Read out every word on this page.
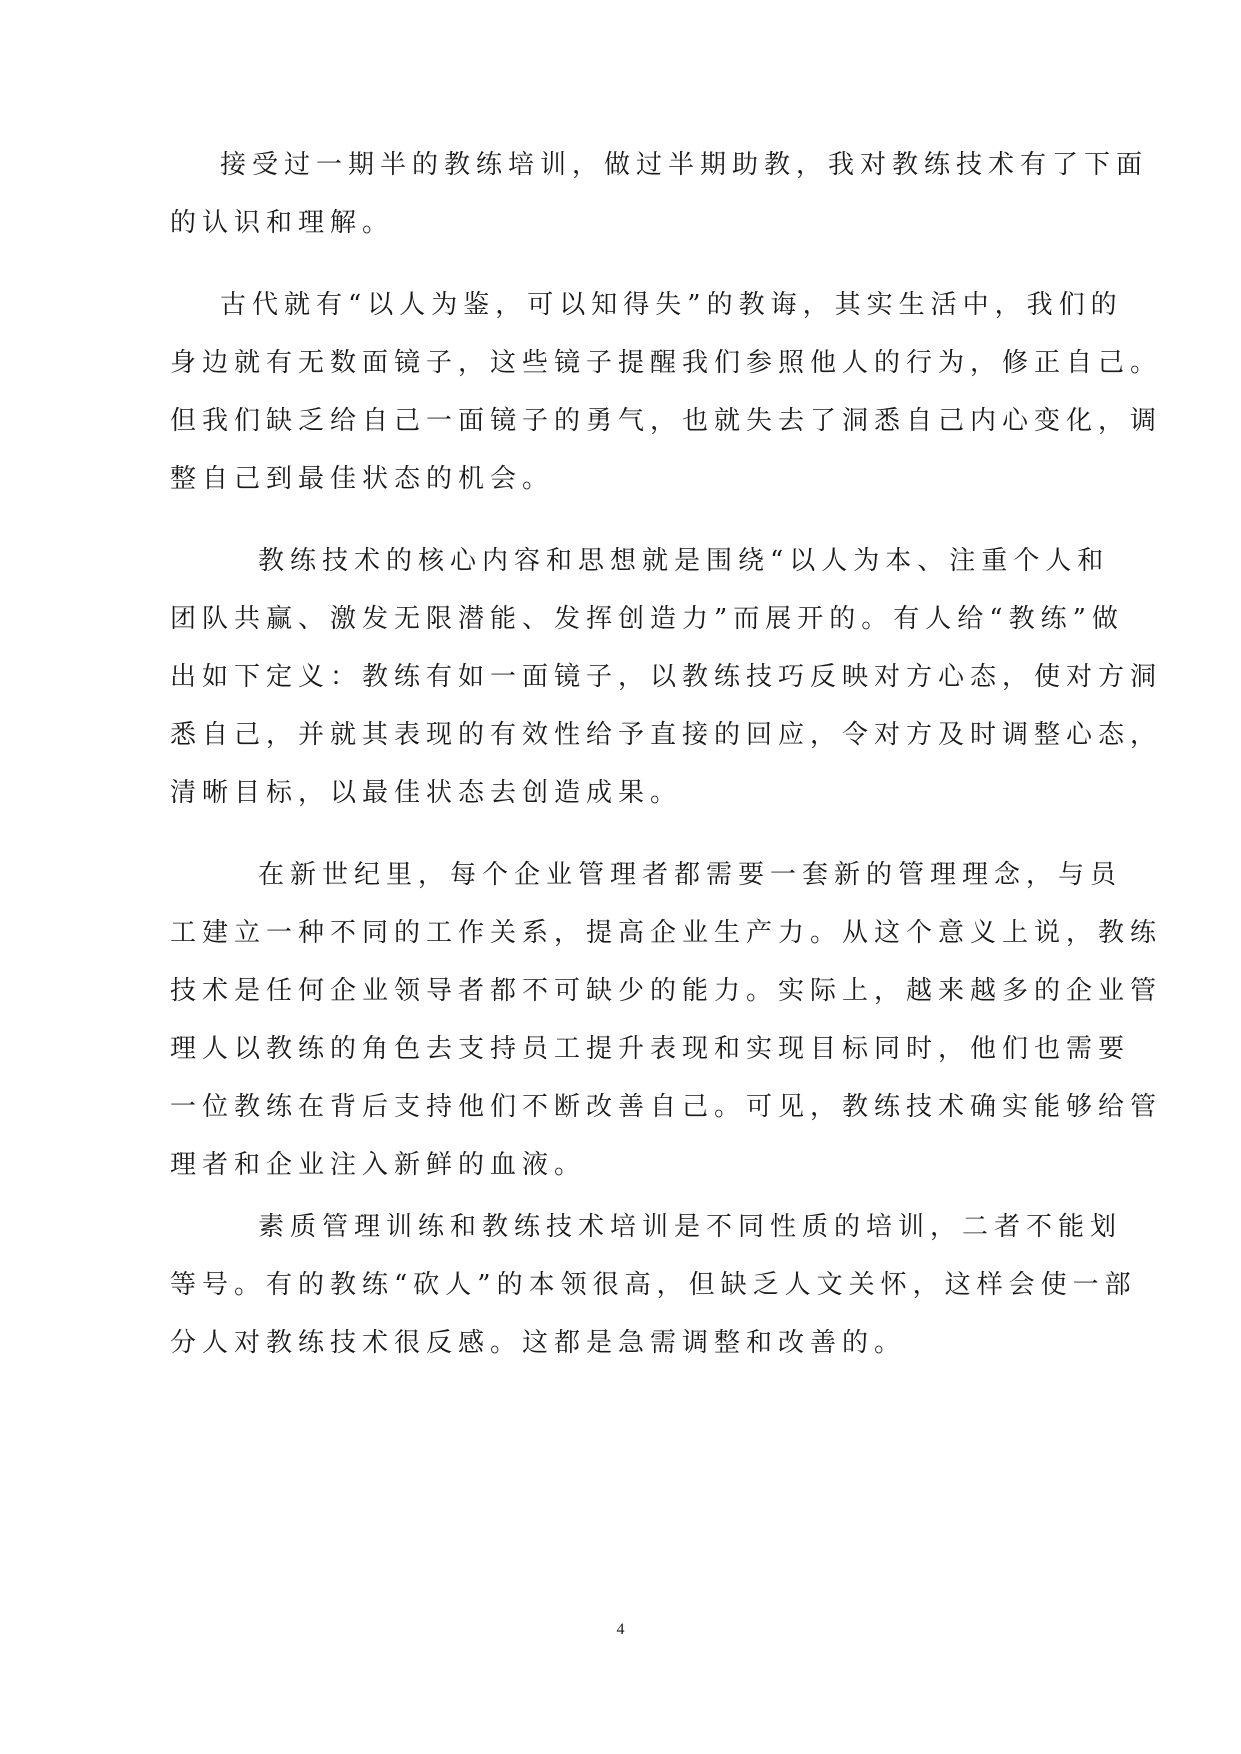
接受过一期半的教练培训，做过半期助教，我对教练技术有了下面

的认识和理解。

古代就有“以人为鉴，可以知得失”的教诲，其实生活中，我们的

身边就有无数面镜子，这些镜子提醒我们参照他人的行为，修正自己。

但我们缺乏给自己一面镜子的勇气，也就失去了洞悉自己内心变化，调

整自己到最佳状态的机会。

教练技术的核心内容和思想就是围绕“以人为本、注重个人和

团队共赢、激发无限潜能、发挥创造力”而展开的。有人给“教练”做

出如下定义：教练有如一面镜子，以教练技巧反映对方心态，使对方洞

悉自己，并就其表现的有效性给予直接的回应，令对方及时调整心态，

清晰目标，以最佳状态去创造成果。

在新世纪里，每个企业管理者都需要一套新的管理理念，与员

工建立一种不同的工作关系，提高企业生产力。从这个意义上说，教练

技术是任何企业领导者都不可缺少的能力。实际上，越来越多的企业管

理人以教练的角色去支持员工提升表现和实现目标同时，他们也需要

一位教练在背后支持他们不断改善自己。可见，教练技术确实能够给管

理者和企业注入新鲜的血液。

素质管理训练和教练技术培训是不同性质的培训，二者不能划

等号。有的教练“砍人”的本领很高，但缺乏人文关怀，这样会使一部

分人对教练技术很反感。这都是急需调整和改善的。

4
